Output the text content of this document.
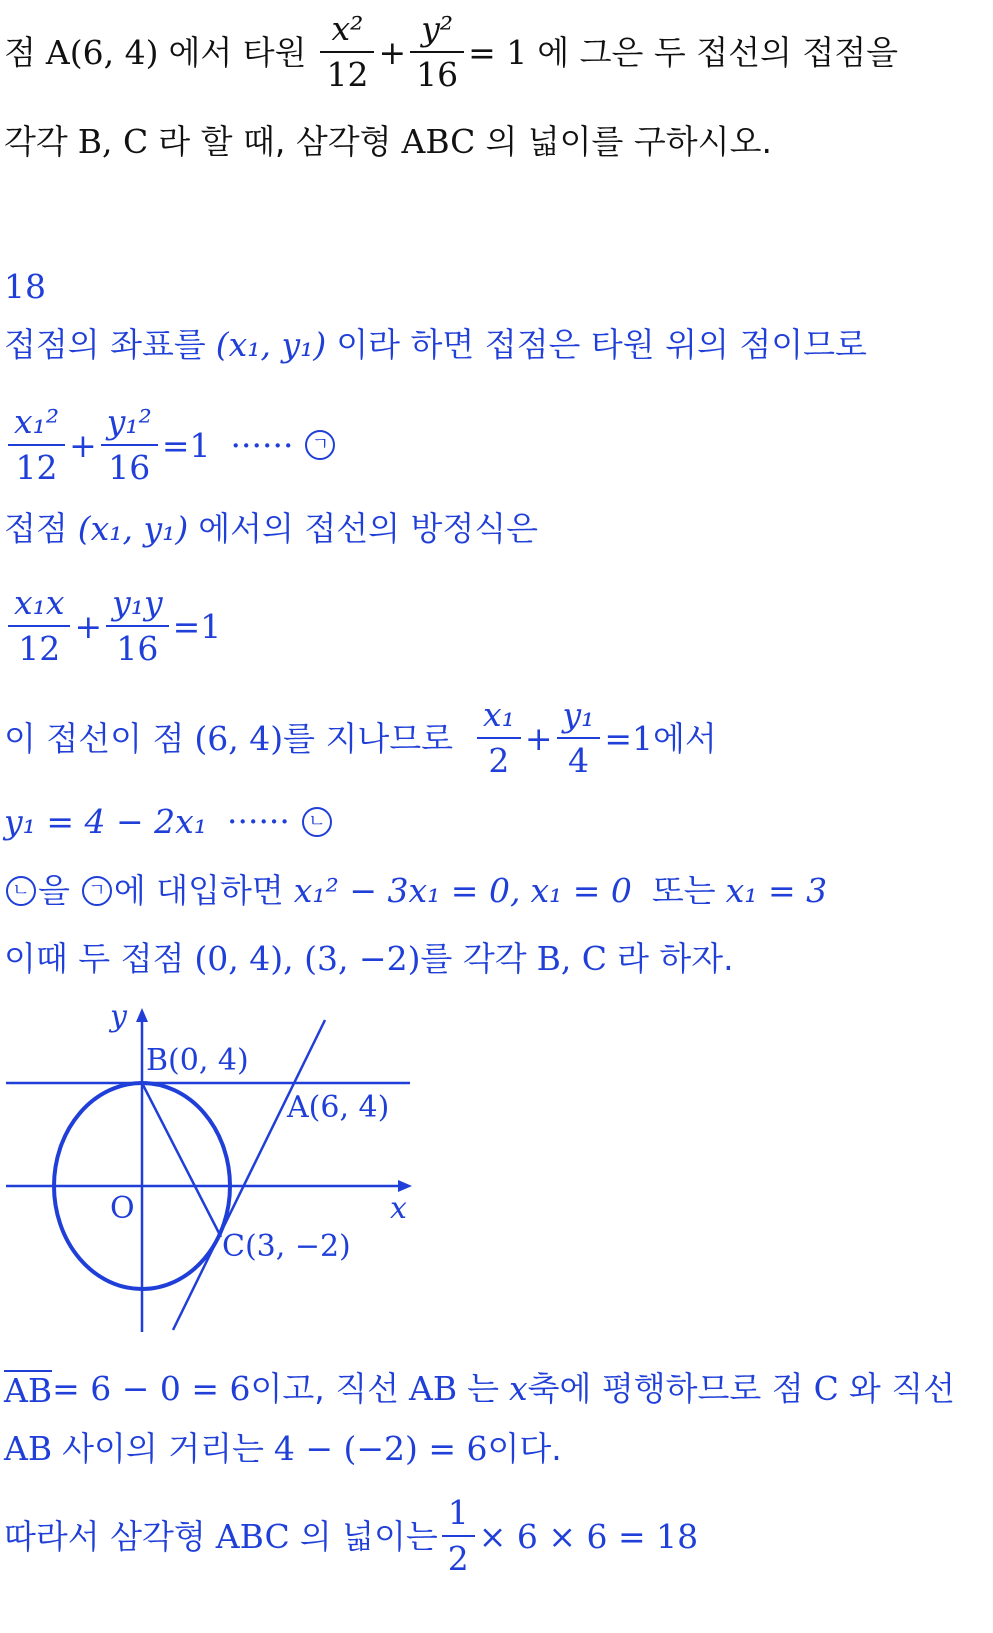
점 A(6, 4) 에서 타원 $\frac{\text{x²}}{12} + \frac{\text{y²}}{16} = 1$ 에 그은 두 접선의 접점을
각각 B, C 라 할 때, 삼각형 ABC 의 넓이를 구하시오.
18
접점의 좌표를 (x₁, y₁) 이라 하면 접점은 타원 위의 점이므로
$\frac{\text{x₁²}}{12} + \frac{\text{y₁²}}{16} =1$ ······	ㄱ
접점 (x₁, y₁) 에서의 접선의 방정식은
$\frac{\text{x₁x}}{12} + \frac{\text{y₁y}}{16} =1$
이 접선이 점 (6, 4) 를 지나므로 $\frac{\text{x₁}}{2} + \frac{\text{y₁}}{4} =1$ 에서
y₁ = 4 − 2x₁ ······	ㄴ
ㄴ 을	ㄱ 에 대입하면 x₁² − 3x₁ = 0, x₁ = 0 또는 x₁ = 3
이때 두 접점 (0, 4), (3, −2) 를 각각 B, C 라 하자.
y
x
O
B(0, 4)
A(6, 4)
C(3, −2)
AB = 6 − 0 = 6 이고, 직선 AB 는 x 축에 평행하므로 점 C 와 직선
AB 사이의 거리는 4 − (−2) = 6 이다.
따라서 삼각형 ABC 의 넓이는 $\frac{1}{2} \times 6 \times 6 = 18$
